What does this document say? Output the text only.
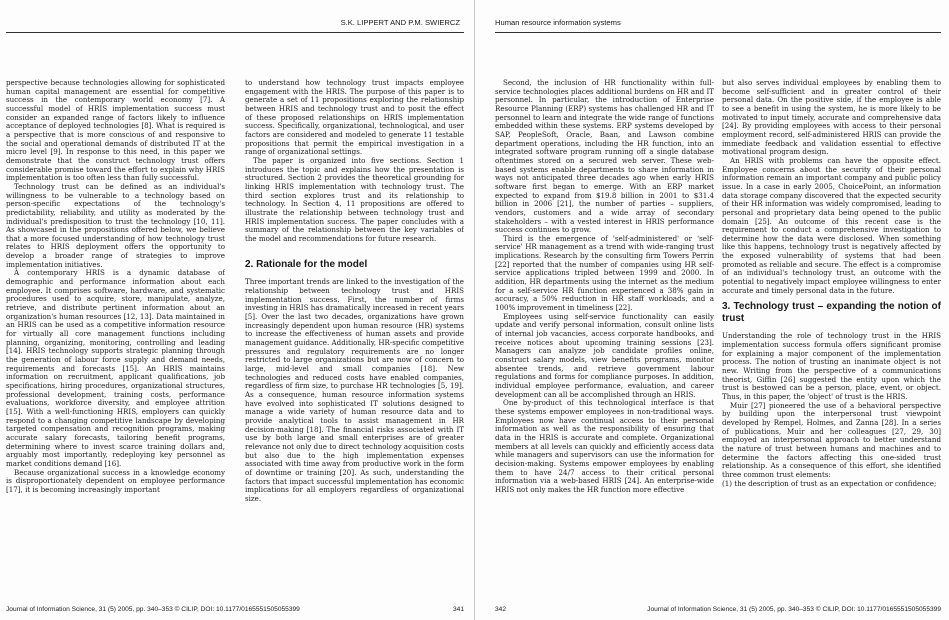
S.K. LIPPERT AND P.M. SWIERCZ

perspective because technologies allowing for sophisticated human capital management are essential for competitive success in the contemporary world economy [7]. A successful model of HRIS implementation success must consider an expanded range of factors likely to influence acceptance of deployed technologies [8]. What is required is a perspective that is more conscious of and responsive to the social and operational demands of distributed IT at the micro level [9]. In response to this need, in this paper we demonstrate that the construct technology trust offers considerable promise toward the effort to explain why HRIS implementation is too often less than fully successful.

Technology trust can be defined as an individual's willingness to be vulnerable to a technology based on person-specific expectations of the technology's predictability, reliability, and utility as moderated by the individual's predisposition to trust the technology [10, 11]. As showcased in the propositions offered below, we believe that a more focused understanding of how technology trust relates to HRIS deployment offers the opportunity to develop a broader range of strategies to improve implementation initiatives.

A contemporary HRIS is a dynamic database of demographic and performance information about each employee. It comprises software, hardware, and systematic procedures used to acquire, store, manipulate, analyze, retrieve, and distribute pertinent information about an organization's human resources [12, 13]. Data maintained in an HRIS can be used as a competitive information resource for virtually all core management functions including planning, organizing, monitoring, controlling and leading [14]. HRIS technology supports strategic planning through the generation of labour force supply and demand needs, requirements and forecasts [15]. An HRIS maintains information on recruitment, applicant qualifications, job specifications, hiring procedures, organizational structures, professional development, training costs, performance evaluations, workforce diversity, and employee attrition [15]. With a well-functioning HRIS, employers can quickly respond to a changing competitive landscape by developing targeted compensation and recognition programs, making accurate salary forecasts, tailoring benefit programs, determining where to invest scarce training dollars and, arguably most importantly, redeploying key personnel as market conditions demand [16].

Because organizational success in a knowledge economy is disproportionately dependent on employee performance [17], it is becoming increasingly important

to understand how technology trust impacts employee engagement with the HRIS. The purpose of this paper is to generate a set of 11 propositions exploring the relationship between HRIS and technology trust and to posit the effect of these proposed relationships on HRIS implementation success. Specifically, organizational, technological, and user factors are considered and modeled to generate 11 testable propositions that permit the empirical investigation in a range of organizational settings.

The paper is organized into five sections. Section 1 introduces the topic and explains how the presentation is structured. Section 2 provides the theoretical grounding for linking HRIS implementation with technology trust. The third section explores trust and its relationship to technology. In Section 4, 11 propositions are offered to illustrate the relationship between technology trust and HRIS implementation success. The paper concludes with a summary of the relationship between the key variables of the model and recommendations for future research.

2. Rationale for the model

Three important trends are linked to the investigation of the relationship between technology trust and HRIS implementation success. First, the number of firms investing in HRIS has dramatically increased in recent years [5]. Over the last two decades, organizations have grown increasingly dependent upon human resource (HR) systems to increase the effectiveness of human assets and provide management guidance. Additionally, HR-specific competitive pressures and regulatory requirements are no longer restricted to large organizations but are now of concern to large, mid-level and small companies [18]. New technologies and reduced costs have enabled companies, regardless of firm size, to purchase HR technologies [5, 19]. As a consequence, human resource information systems have evolved into sophisticated IT solutions designed to manage a wide variety of human resource data and to provide analytical tools to assist management in HR decision-making [18]. The financial risks associated with IT use by both large and small enterprises are of greater relevance not only due to direct technology acquisition costs but also due to the high implementation expenses associated with time away from productive work in the form of downtime or training [20]. As such, understanding the factors that impact successful implementation has economic implications for all employers regardless of organizational size.

Journal of Information Science, 31 (5) 2005, pp. 340–353 © CILIP, DOI: 10.1177/0165551505055399	341
Human resource information systems

Second, the inclusion of HR functionality within full-service technologies places additional burdens on HR and IT personnel. In particular, the introduction of Enterprise Resource Planning (ERP) systems has challenged HR and IT personnel to learn and integrate the wide range of functions embedded within these systems. ERP systems developed by SAP, PeopleSoft, Oracle, Baan, and Lawson combine department operations, including the HR function, into an integrated software program running off a single database oftentimes stored on a secured web server. These web-based systems enable departments to share information in ways not anticipated three decades ago when early HRIS software first began to emerge. With an ERP market expected to expand from $19.8 billion in 2001 to $31.4 billion in 2006 [21], the number of parties – suppliers, vendors, customers and a wide array of secondary stakeholders – with a vested interest in HRIS performance success continues to grow.

Third is the emergence of 'self-administered' or 'self-service' HR management as a trend with wide-ranging trust implications. Research by the consulting firm Towers Perrin [22] reported that the number of companies using HR self-service applications tripled between 1999 and 2000. In addition, HR departments using the internet as the medium for a self-service HR function experienced a 38% gain in accuracy, a 50% reduction in HR staff workloads, and a 100% improvement in timeliness [22].

Employees using self-service functionality can easily update and verify personal information, consult online lists of internal job vacancies, access corporate handbooks, and receive notices about upcoming training sessions [23]. Managers can analyze job candidate profiles online, construct salary models, view benefits programs, monitor absentee trends, and retrieve government labour regulations and forms for compliance purposes. In addition, individual employee performance, evaluation, and career development can all be accomplished through an HRIS.

One by-product of this technological interface is that these systems empower employees in non-traditional ways. Employees now have continual access to their personal information as well as the responsibility of ensuring that data in the HRIS is accurate and complete. Organizational members at all levels can quickly and efficiently access data while managers and supervisors can use the information for decision-making. Systems empower employees by enabling them to have 24/7 access to their critical personal information via a web-based HRIS [24]. An enterprise-wide HRIS not only makes the HR function more effective

but also serves individual employees by enabling them to become self-sufficient and in greater control of their personal data. On the positive side, if the employee is able to see a benefit in using the system, he is more likely to be motivated to input timely, accurate and comprehensive data [24]. By providing employees with access to their personal employment record, self-administered HRIS can provide the immediate feedback and validation essential to effective motivational program design.

An HRIS with problems can have the opposite effect. Employee concerns about the security of their personal information remain an important company and public policy issue. In a case in early 2005, ChoicePoint, an information data storage company discovered that the expected security of their HR information was widely compromised, leading to personal and proprietary data being opened to the public domain [25]. An outcome of this recent case is the requirement to conduct a comprehensive investigation to determine how the data were disclosed. When something like this happens, technology trust is negatively affected by the exposed vulnerability of systems that had been promoted as reliable and secure. The effect is a compromise of an individual's technology trust, an outcome with the potential to negatively impact employee willingness to enter accurate and timely personal data in the future.

3. Technology trust – expanding the notion of trust

Understanding the role of technology trust in the HRIS implementation success formula offers significant promise for explaining a major component of the implementation process. The notion of trusting an inanimate object is not new. Writing from the perspective of a communications theorist, Giffin [26] suggested the entity upon which the trust is bestowed can be a person, place, event, or object. Thus, in this paper, the 'object' of trust is the HRIS.

Muir [27] pioneered the use of a behavioral perspective by building upon the interpersonal trust viewpoint developed by Rempel, Holmes, and Zanna [28]. In a series of publications, Muir and her colleagues [27, 29, 30] employed an interpersonal approach to better understand the nature of trust between humans and machines and to determine the factors affecting this one-sided trust relationship. As a consequence of this effort, she identified three common trust elements:

(1) the description of trust as an expectation or confidence;
342	Journal of Information Science, 31 (5) 2005, pp. 340–353 © CILIP, DOI: 10.1177/0165551505055399
